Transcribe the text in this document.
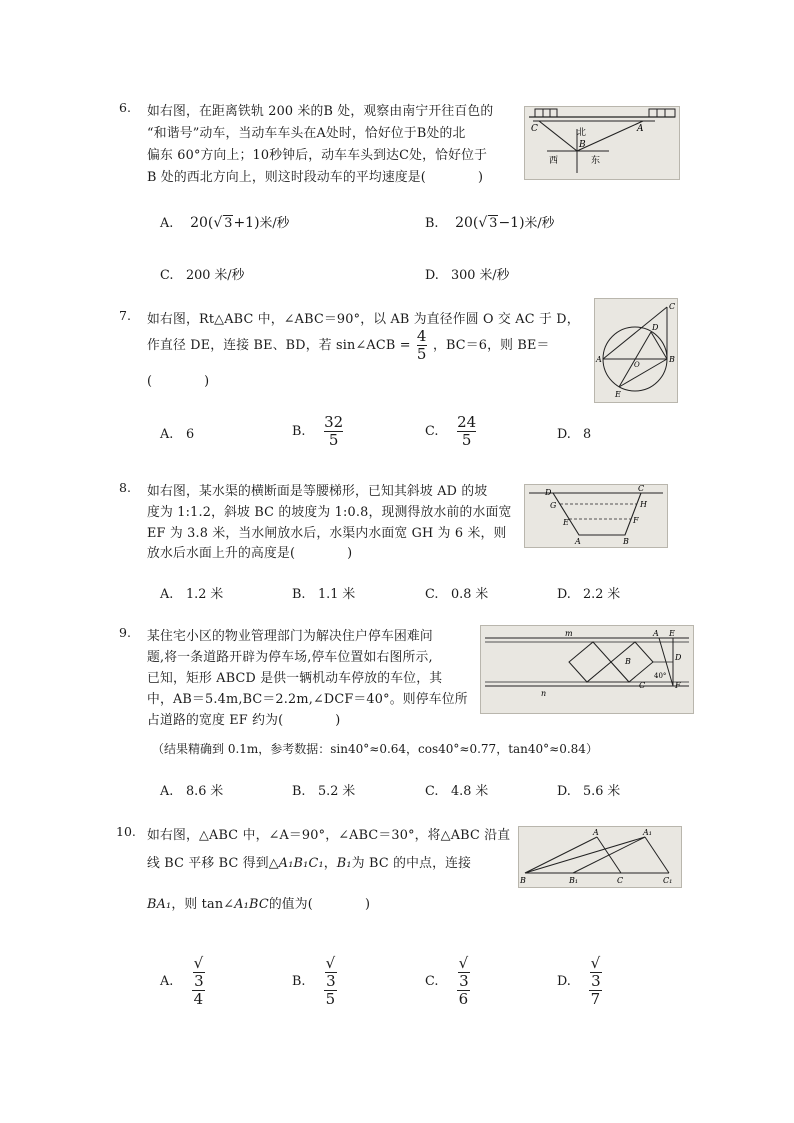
6. 如右图，在距离铁轨 200 米的B 处，观察由南宁开往百色的
“和谐号”动车，当动车车头在A处时，恰好位于B处的北
偏东 60°方向上；10秒钟后，动车车头到达C处，恰好位于
B 处的西北方向上，则这时段动车的平均速度是(　　　　)
C	北
B
A
西	东
A. 20(√ 3+1)米/秒	B. 20(√ 3−1)米/秒
C. 200 米/秒	D. 300 米/秒
7. 如右图，Rt△ABC 中，∠ABC＝90°，以 AB 为直径作圆 O 交 AC 于 D，
作直径 DE，连接 BE、BD，若 sin∠ACB = $\frac{4}{5}$ ，BC＝6，则 BE＝
(　　　　)
C
D
A
O
B
E
A. 6	B. $\frac{32}{5}$	C. $\frac{24}{5}$	D. 8
8. 如右图，某水渠的横断面是等腰梯形，已知其斜坡 AD 的坡
度为 1:1.2，斜坡 BC 的坡度为 1:0.8，现测得放水前的水面宽
EF 为 3.8 米，当水闸放水后，水渠内水面宽 GH 为 6 米，则
放水后水面上升的高度是(　　　　)
D	C
G	H
E	F
A	B
A. 1.2 米	B. 1.1 米	C. 0.8 米	D. 2.2 米
9. 某住宅小区的物业管理部门为解决住户停车困难问
题,将一条道路开辟为停车场,停车位置如右图所示,
已知，矩形 ABCD 是供一辆机动车停放的车位，其
中，AB＝5.4m,BC＝2.2m,∠DCF＝40°。则停车位所
占道路的宽度 EF 约为(　　　　)
m	A E
B	D
C
40°
F
n
（结果精确到 0.1m，参考数据：sin40°≈0.64，cos40°≈0.77，tan40°≈0.84）
A. 8.6 米	B. 5.2 米	C. 4.8 米	D. 5.6 米
10. 如右图，△ABC 中，∠A＝90°，∠ABC＝30°，将△ABC 沿直
线 BC 平移 BC 得到△A₁B₁C₁，B₁为 BC 的中点，连接
BA₁，则 tan∠A₁BC的值为(　　　　)
A	A₁
B	B₁	C	C₁
A. √
3
4	B. √
3
5	C. √
3
6	D. √
3
7
